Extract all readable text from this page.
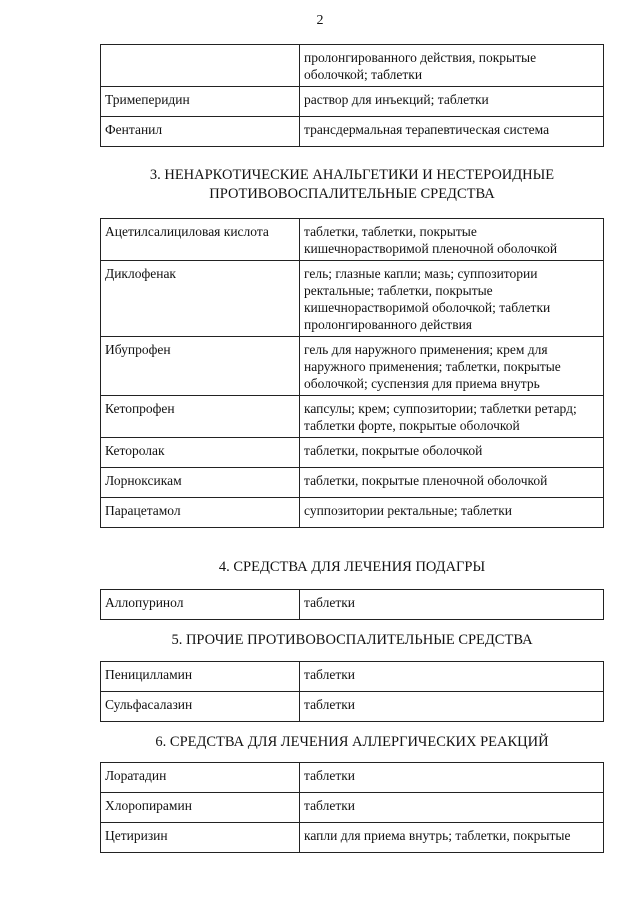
2
	пролонгированного действия, покрытые оболочкой; таблетки
Тримеперидин	раствор для инъекций; таблетки
Фентанил	трансдермальная терапевтическая система
3. НЕНАРКОТИЧЕСКИЕ АНАЛЬГЕТИКИ И НЕСТЕРОИДНЫЕ
ПРОТИВОВОСПАЛИТЕЛЬНЫЕ СРЕДСТВА
Ацетилсалициловая кислота	таблетки, таблетки, покрытые кишечнорастворимой пленочной оболочкой
Диклофенак	гель; глазные капли; мазь; суппозитории ректальные; таблетки, покрытые кишечнорастворимой оболочкой; таблетки пролонгированного действия
Ибупрофен	гель для наружного применения; крем для наружного применения; таблетки, покрытые оболочкой; суспензия для приема внутрь
Кетопрофен	капсулы; крем; суппозитории; таблетки ретард; таблетки форте, покрытые оболочкой
Кеторолак	таблетки, покрытые оболочкой
Лорноксикам	таблетки, покрытые пленочной оболочкой
Парацетамол	суппозитории ректальные; таблетки
4. СРЕДСТВА ДЛЯ ЛЕЧЕНИЯ ПОДАГРЫ
Аллопуринол	таблетки
5. ПРОЧИЕ ПРОТИВОВОСПАЛИТЕЛЬНЫЕ СРЕДСТВА
Пеницилламин	таблетки
Сульфасалазин	таблетки
6. СРЕДСТВА ДЛЯ ЛЕЧЕНИЯ АЛЛЕРГИЧЕСКИХ РЕАКЦИЙ
Лоратадин	таблетки
Хлоропирамин	таблетки
Цетиризин	капли для приема внутрь; таблетки, покрытые
